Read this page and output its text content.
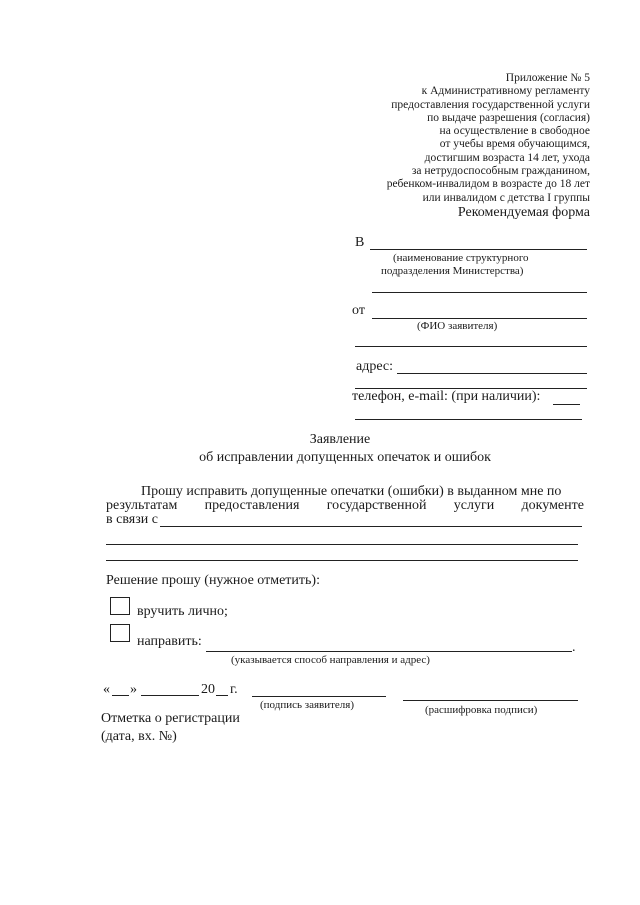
Приложение № 5
к Административному регламенту
предоставления государственной услуги
по выдаче разрешения (согласия)
на осуществление в свободное
от учебы время обучающимся,
достигшим возраста 14 лет, ухода
за нетрудоспособным гражданином,
ребенком-инвалидом в возрасте до 18 лет
или инвалидом с детства I группы
Рекомендуемая форма
В
(наименование структурного
подразделения Министерства)
от
(ФИО заявителя)
адрес:
телефон, e-mail: (при наличии):
Заявление
об исправлении допущенных опечаток и ошибок
Прошу исправить допущенные опечатки (ошибки) в выданном мне по
результатам предоставления государственной услуги документе
в связи с
Решение прошу (нужное отметить):
вручить лично;
направить:	.
(указывается способ направления и адрес)
« »	20 г.
(подпись заявителя)	(расшифровка подписи)
Отметка о регистрации
(дата, вх. №)
